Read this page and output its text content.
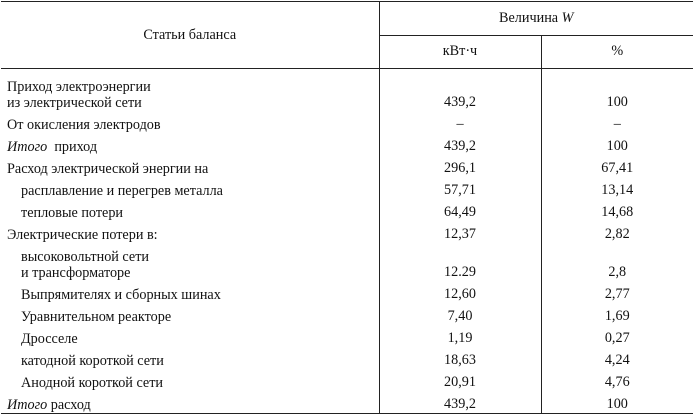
Статьи баланса	Величина W	
	кВт·ч	%
Приход электроэнергии
из электрической сети	439,2	100
От окисления электродов	–	–
Итого  приход	439,2	100
Расход электрической энергии на	296,1	67,41
расплавление и перегрев металла	57,71	13,14
тепловые потери	64,49	14,68
Электрические потери в:	12,37	2,82
высоковольтной сети
и трансформаторе	12.29	2,8
Выпрямителях и сборных шинах	12,60	2,77
Уравнительном реакторе	7,40	1,69
Дросселе	1,19	0,27
катодной короткой сети	18,63	4,24
Анодной короткой сети	20,91	4,76
Итого расход	439,2	100
